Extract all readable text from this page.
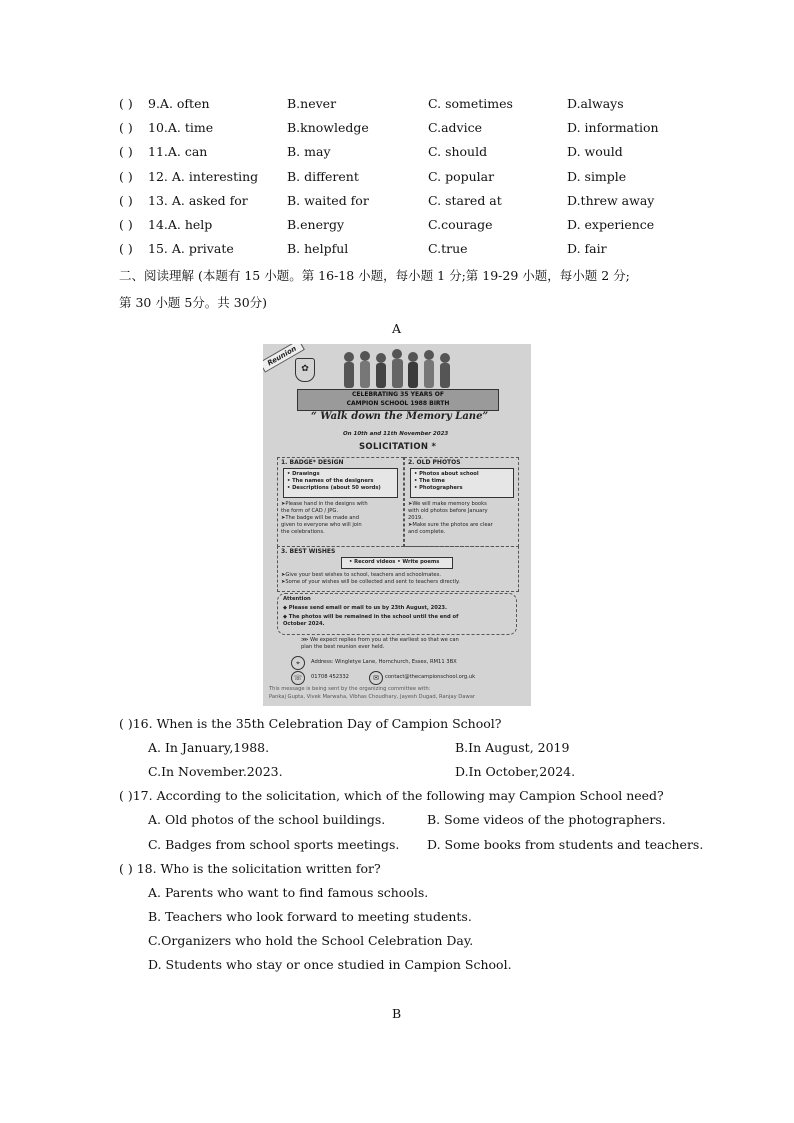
( ) 9.A. often	B.never	C. sometimes	D.always
( ) 10.A. time	B.knowledge	C.advice	D. information
( ) 11.A. can	B. may	C. should	D. would
( ) 12. A. interesting B. different	C. popular	D. simple
( ) 13. A. asked for	B. waited for	C. stared at	D.threw away
( ) 14.A. help	B.energy	C.courage	D. experience
( ) 15. A. private	B. helpful	C.true	D. fair
二、阅读理解 (本题有 15 小题。第 16-18 小题，每小题 1 分;第 19-29 小题，每小题 2 分;
第 30 小题 5分。共 30分)
A
Reunion
✿
CELEBRATING 35 YEARS OF
CAMPION SCHOOL 1988 BIRTH
“ Walk down the Memory Lane”
On 10th and 11th November 2023
SOLICITATION *
1. BADGE* DESIGN
• Drawings
• The names of the designers
• Descriptions (about 50 words)
➤Please hand in the designs with
the form of CAD / JPG.
➤The badge will be made and
given to everyone who will join
the celebrations.
2. OLD PHOTOS
• Photos about school
• The time
• Photographers
➤We will make memory books
with old photos before January
2019.
➤Make sure the photos are clear
and complete.
3. BEST WISHES
• Record videos • Write poems
➤Give your best wishes to school, teachers and schoolmates.
➤Some of your wishes will be collected and sent to teachers directly.
Attention
◆ Please send email or mail to us by 23th August, 2023.
◆ The photos will be remained in the school until the end of
October 2024.
⋙ We expect replies from you at the earliest so that we can
plan the best reunion ever held.
⌖	Address: Wingletye Lane, Hornchurch, Essex, RM11 3BX
☏	01708 452332	✉	contact@thecampionschool.org.uk
This message is being sent by the organizing committee with:
Pankaj Gupta, Vivek Marwaha, Vibhas Choudhary, Jayesh Dugad, Ranjay Dawar
( )16. When is the 35th Celebration Day of Campion School?
A. In January,1988.	B.In August, 2019
C.In November.2023.	D.In October,2024.
( )17. According to the solicitation, which of the following may Campion School need?
A. Old photos of the school buildings.	B. Some videos of the photographers.
C. Badges from school sports meetings. D. Some books from students and teachers.
( ) 18. Who is the solicitation written for?
A. Parents who want to find famous schools.
B. Teachers who look forward to meeting students.
C.Organizers who hold the School Celebration Day.
D. Students who stay or once studied in Campion School.
B
